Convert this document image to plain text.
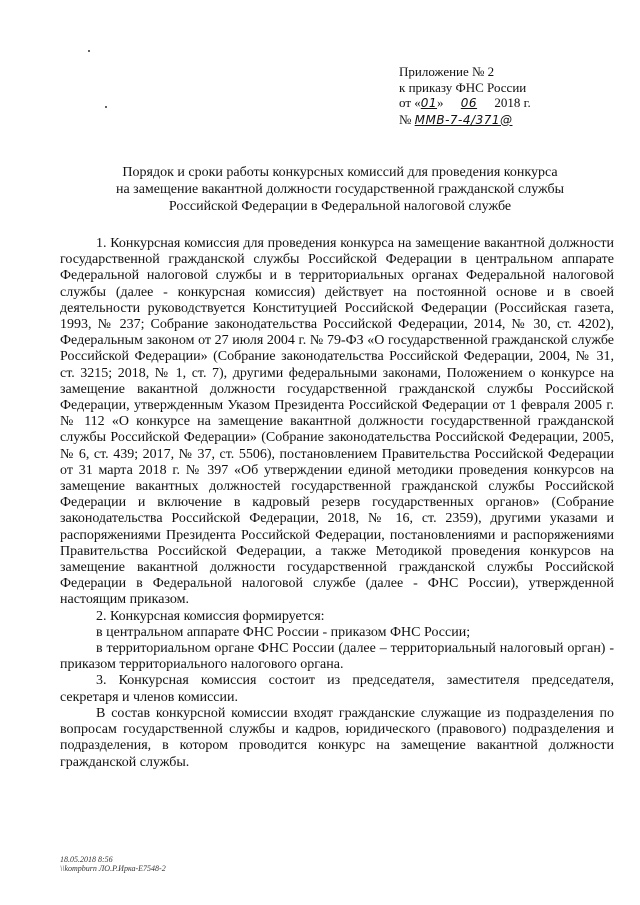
Приложение № 2
к приказу ФНС России
от «01» 06 2018 г.
№ ММВ-7-4/371@
Порядок и сроки работы конкурсных комиссий для проведения конкурса
на замещение вакантной должности государственной гражданской службы
Российской Федерации в Федеральной налоговой службе

1. Конкурсная комиссия для проведения конкурса на замещение вакантной должности государственной гражданской службы Российской Федерации в центральном аппарате Федеральной налоговой службы и в территориальных органах Федеральной налоговой службы (далее - конкурсная комиссия) действует на постоянной основе и в своей деятельности руководствуется Конституцией Российской Федерации (Российская газета, 1993, № 237; Собрание законодательства Российской Федерации, 2014, № 30, ст. 4202), Федеральным законом от 27 июля 2004 г. № 79-ФЗ «О государственной гражданской службе Российской Федерации» (Собрание законодательства Российской Федерации, 2004, № 31, ст. 3215; 2018, № 1, ст. 7), другими федеральными законами, Положением о конкурсе на замещение вакантной должности государственной гражданской службы Российской Федерации, утвержденным Указом Президента Российской Федерации от 1 февраля 2005 г. № 112 «О конкурсе на замещение вакантной должности государственной гражданской службы Российской Федерации» (Собрание законодательства Российской Федерации, 2005, № 6, ст. 439; 2017, № 37, ст. 5506), постановлением Правительства Российской Федерации от 31 марта 2018 г. № 397 «Об утверждении единой методики проведения конкурсов на замещение вакантных должностей государственной гражданской службы Российской Федерации и включение в кадровый резерв государственных органов» (Собрание законодательства Российской Федерации, 2018, № 16, ст. 2359), другими указами и распоряжениями Президента Российской Федерации, постановлениями и распоряжениями Правительства Российской Федерации, а также Методикой проведения конкурсов на замещение вакантной должности государственной гражданской службы Российской Федерации в Федеральной налоговой службе (далее - ФНС России), утвержденной настоящим приказом.

2. Конкурсная комиссия формируется:

в центральном аппарате ФНС России - приказом ФНС России;

в территориальном органе ФНС России (далее – территориальный налоговый орган) - приказом территориального налогового органа.

3. Конкурсная комиссия состоит из председателя, заместителя председателя, секретаря и членов комиссии.

В состав конкурсной комиссии входят гражданские служащие из подразделения по вопросам государственной службы и кадров, юридического (правового) подразделения и подразделения, в котором проводится конкурс на замещение вакантной должности гражданской службы.

18.05.2018 8:56
\\kompburn ЛО.Р.Ирка-Е7548-2
